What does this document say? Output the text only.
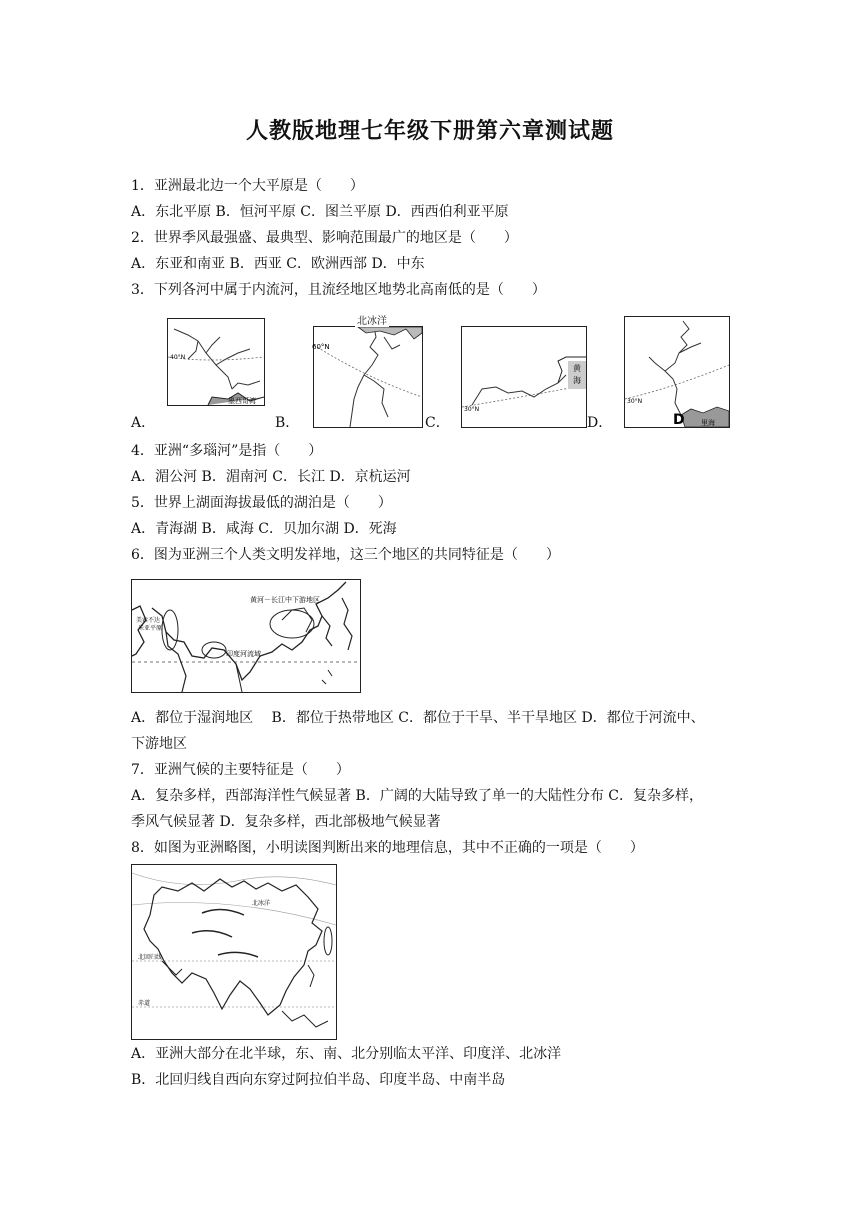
人教版地理七年级下册第六章测试题
1．亚洲最北边一个大平原是（　　）
A．东北平原 B．恒河平原 C．图兰平原 D．西西伯利亚平原
2．世界季风最强盛、最典型、影响范围最广的地区是（　　）
A．东亚和南亚 B．西亚 C．欧洲西部 D．中东
3．下列各河中属于内流河，且流经地区地势北高南低的是（　　）
40°N
墨西哥湾
A．
60°N
北冰洋
B．
黄
海
30°N
C．
30°N
D 里海
D．
4．亚洲“多瑙河”是指（　　）
A．湄公河 B．湄南河 C．长江 D．京杭运河
5．世界上湖面海拔最低的湖泊是（　　）
A．青海湖 B．咸海 C．贝加尔湖 D．死海
6．图为亚洲三个人类文明发祥地，这三个地区的共同特征是（　　）
黄河－长江中下游地区
美索不达
米亚平原
印度河流域
A．都位于湿润地区　 B．都位于热带地区 C．都位于干旱、半干旱地区 D．都位于河流中、
下游地区
7．亚洲气候的主要特征是（　　）
A．复杂多样，西部海洋性气候显著 B．广阔的大陆导致了单一的大陆性分布 C．复杂多样，
季风气候显著 D．复杂多样，西北部极地气候显著
8．如图为亚洲略图，小明读图判断出来的地理信息，其中不正确的一项是（　　）
北冰洋
北回归线
赤道
A．亚洲大部分在北半球，东、南、北分别临太平洋、印度洋、北冰洋
B．北回归线自西向东穿过阿拉伯半岛、印度半岛、中南半岛
